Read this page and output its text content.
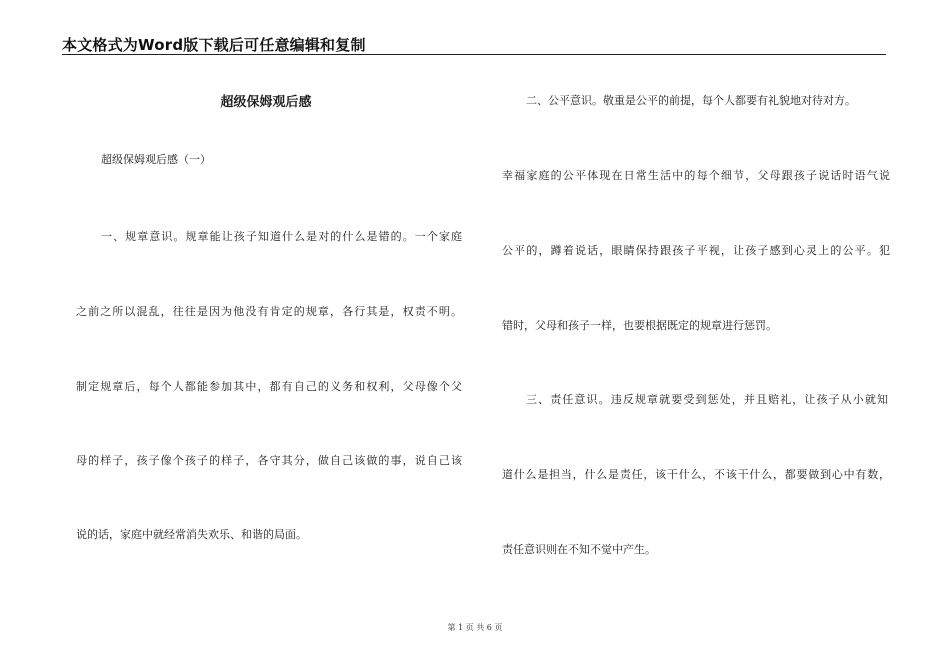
本文格式为Word版下载后可任意编辑和复制
超级保姆观后感
超级保姆观后感（一）
一、规章意识。规章能让孩子知道什么是对的什么是错的。一个家庭
之前之所以混乱，往往是因为他没有肯定的规章，各行其是，权责不明。
制定规章后，每个人都能参加其中，都有自己的义务和权利，父母像个父
母的样子，孩子像个孩子的样子，各守其分，做自己该做的事，说自己该
说的话，家庭中就经常消失欢乐、和谐的局面。
二、公平意识。敬重是公平的前提，每个人都要有礼貌地对待对方。
幸福家庭的公平体现在日常生活中的每个细节，父母跟孩子说话时语气说
公平的，蹲着说话，眼睛保持跟孩子平视，让孩子感到心灵上的公平。犯
错时，父母和孩子一样，也要根据既定的规章进行惩罚。
三、责任意识。违反规章就要受到惩处，并且赔礼，让孩子从小就知
道什么是担当，什么是责任，该干什么，不该干什么，都要做到心中有数，
责任意识则在不知不觉中产生。
第 1 页 共 6 页
